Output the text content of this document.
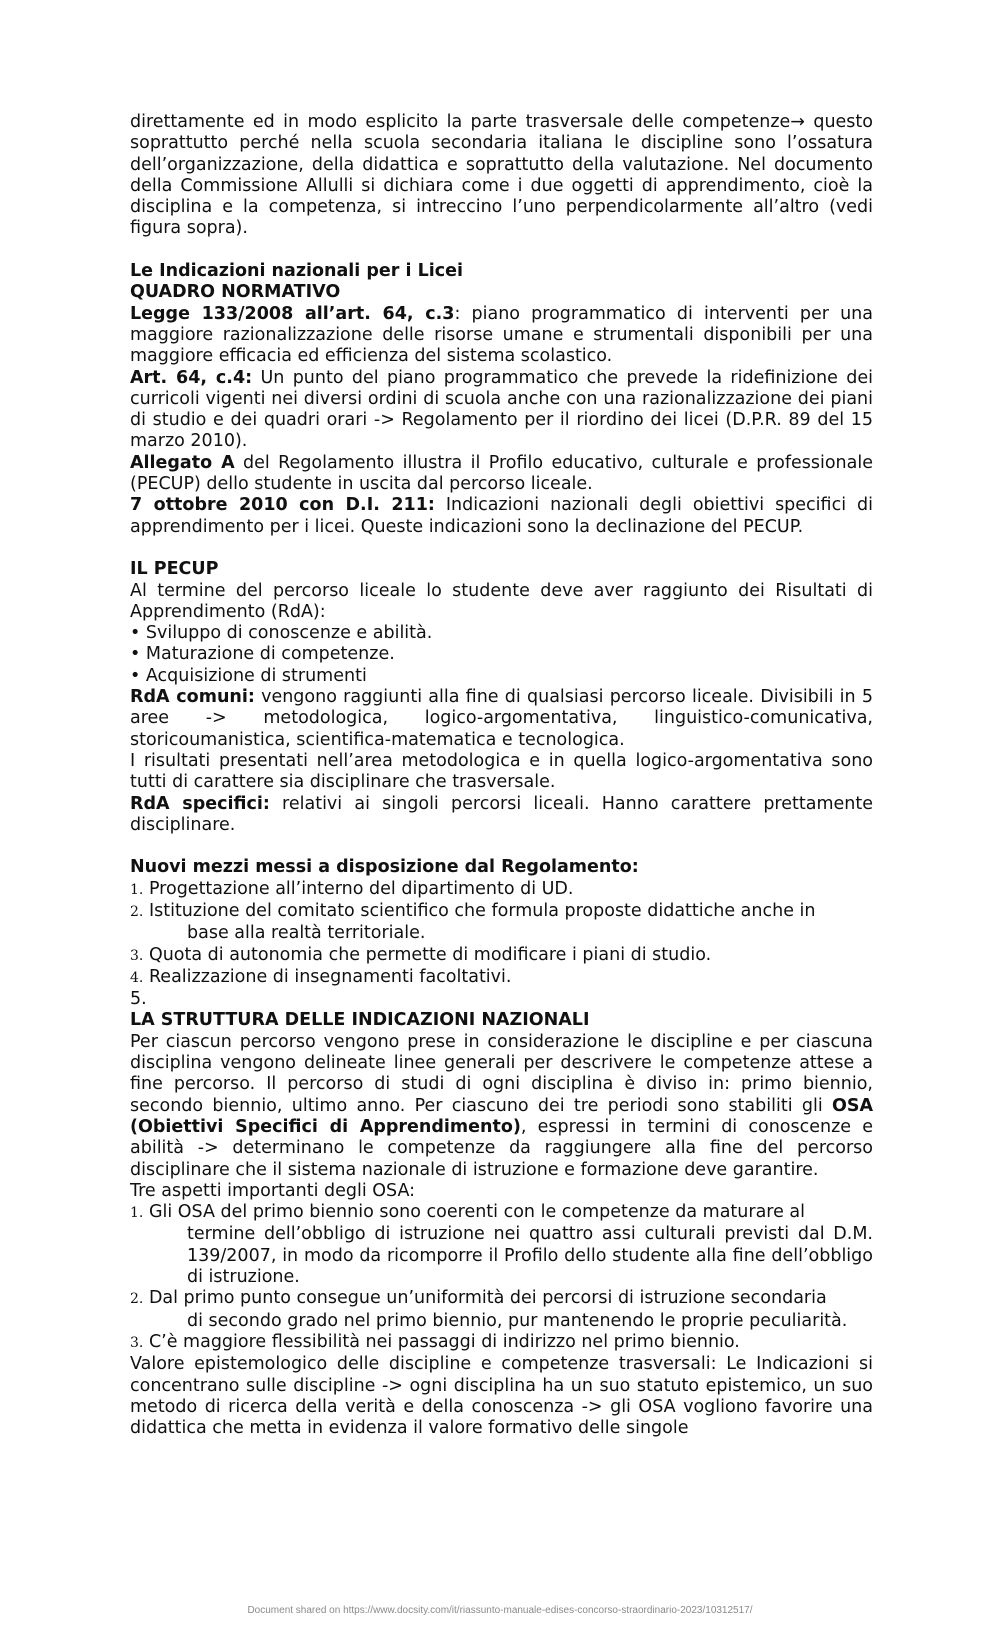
direttamente ed in modo esplicito la parte trasversale delle competenze→ questo soprattutto perché nella scuola secondaria italiana le discipline sono l’ossatura dell’organizzazione, della didattica e soprattutto della valutazione. Nel documento della Commissione Allulli si dichiara come i due oggetti di apprendimento, cioè la disciplina e la competenza, si intreccino l’uno perpendicolarmente all’altro (vedi figura sopra).

Le Indicazioni nazionali per i Licei

QUADRO NORMATIVO

Legge 133/2008 all’art. 64, c.3: piano programmatico di interventi per una maggiore razionalizzazione delle risorse umane e strumentali disponibili per una maggiore efficacia ed efficienza del sistema scolastico.

Art. 64, c.4: Un punto del piano programmatico che prevede la ridefinizione dei curricoli vigenti nei diversi ordini di scuola anche con una razionalizzazione dei piani di studio e dei quadri orari -> Regolamento per il riordino dei licei (D.P.R. 89 del 15 marzo 2010).

Allegato A del Regolamento illustra il Profilo educativo, culturale e professionale (PECUP) dello studente in uscita dal percorso liceale.

7 ottobre 2010 con D.I. 211: Indicazioni nazionali degli obiettivi specifici di apprendimento per i licei. Queste indicazioni sono la declinazione del PECUP.

IL PECUP

Al termine del percorso liceale lo studente deve aver raggiunto dei Risultati di Apprendimento (RdA):

• Sviluppo di conoscenze e abilità.

• Maturazione di competenze.

• Acquisizione di strumenti

RdA comuni: vengono raggiunti alla fine di qualsiasi percorso liceale. Divisibili in 5 aree -> metodologica, logico-argomentativa, linguistico-comunicativa, storicoumanistica, scientifica-matematica e tecnologica.

I risultati presentati nell’area metodologica e in quella logico-argomentativa sono tutti di carattere sia disciplinare che trasversale.

RdA specifici: relativi ai singoli percorsi liceali. Hanno carattere prettamente disciplinare.

Nuovi mezzi messi a disposizione dal Regolamento:

1. Progettazione all’interno del dipartimento di UD.
2. Istituzione del comitato scientifico che formula proposte didattiche anche in
base alla realtà territoriale.
3. Quota di autonomia che permette di modificare i piani di studio.
4. Realizzazione di insegnamenti facoltativi.

5.

LA STRUTTURA DELLE INDICAZIONI NAZIONALI

Per ciascun percorso vengono prese in considerazione le discipline e per ciascuna disciplina vengono delineate linee generali per descrivere le competenze attese a fine percorso. Il percorso di studi di ogni disciplina è diviso in: primo biennio, secondo biennio, ultimo anno. Per ciascuno dei tre periodi sono stabiliti gli OSA (Obiettivi Specifici di Apprendimento), espressi in termini di conoscenze e abilità -> determinano le competenze da raggiungere alla fine del percorso disciplinare che il sistema nazionale di istruzione e formazione deve garantire.

Tre aspetti importanti degli OSA:

1. Gli OSA del primo biennio sono coerenti con le competenze da maturare al
termine dell’obbligo di istruzione nei quattro assi culturali previsti dal D.M. 139/2007, in modo da ricomporre il Profilo dello studente alla fine dell’obbligo di istruzione.
2. Dal primo punto consegue un’uniformità dei percorsi di istruzione secondaria
di secondo grado nel primo biennio, pur mantenendo le proprie peculiarità.
3. C’è maggiore flessibilità nei passaggi di indirizzo nel primo biennio.

Valore epistemologico delle discipline e competenze trasversali: Le Indicazioni si concentrano sulle discipline -> ogni disciplina ha un suo statuto epistemico, un suo metodo di ricerca della verità e della conoscenza -> gli OSA vogliono favorire una didattica che metta in evidenza il valore formativo delle singole

Document shared on https://www.docsity.com/it/riassunto-manuale-edises-concorso-straordinario-2023/10312517/
